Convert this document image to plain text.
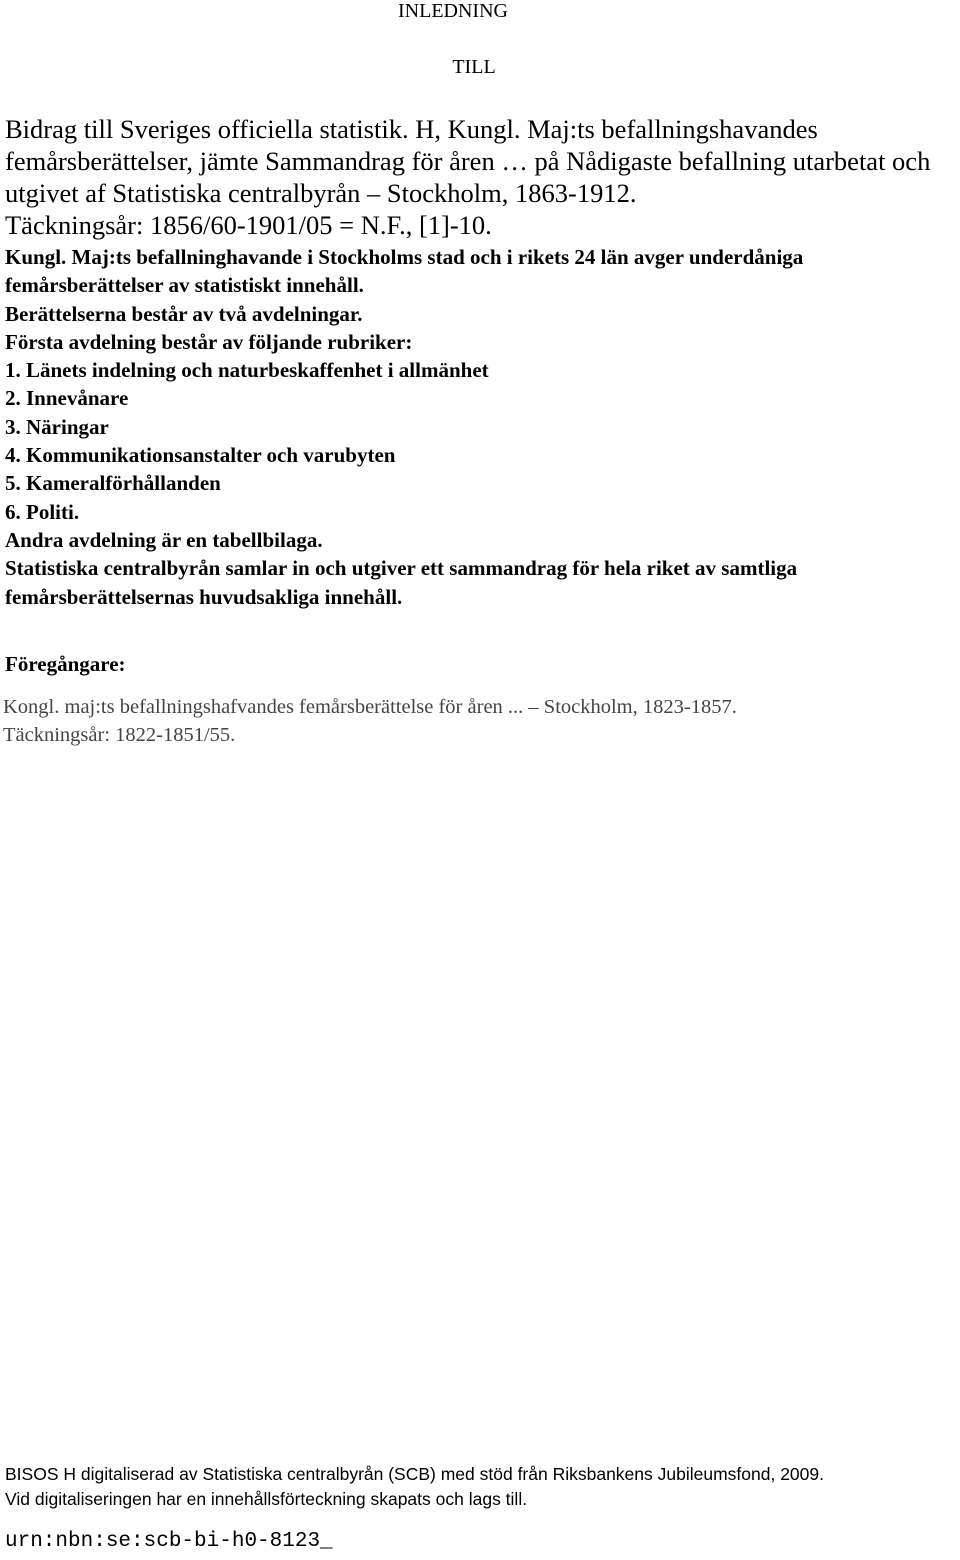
INLEDNING

TILL

Bidrag till Sveriges officiella statistik. H, Kungl. Maj:ts befallningshavandes femårsberättelser, jämte Sammandrag för åren … på Nådigaste befallning utarbetat och utgivet af Statistiska centralbyrån – Stockholm, 1863-1912.
Täckningsår: 1856/60-1901/05 = N.F., [1]-10.

Kungl. Maj:ts befallninghavande i Stockholms stad och i rikets 24 län avger underdåniga femårsberättelser av statistiskt innehåll.

Berättelserna består av två avdelningar.

Första avdelning består av följande rubriker:

1. Länets indelning och naturbeskaffenhet i allmänhet
2. Innevånare
3. Näringar
4. Kommunikationsanstalter och varubyten
5. Kameralförhållanden
6. Politi.

Andra avdelning är en tabellbilaga.

Statistiska centralbyrån samlar in och utgiver ett sammandrag för hela riket av samtliga femårsberättelsernas huvudsakliga innehåll.

Föregångare:

Kongl. maj:ts befallningshafvandes femårsberättelse för åren ... – Stockholm, 1823-1857.
Täckningsår: 1822-1851/55.
BISOS H digitaliserad av Statistiska centralbyrån (SCB) med stöd från Riksbankens Jubileumsfond, 2009.
Vid digitaliseringen har en innehållsförteckning skapats och lags till.

urn:nbn:se:scb-bi-h0-8123_
